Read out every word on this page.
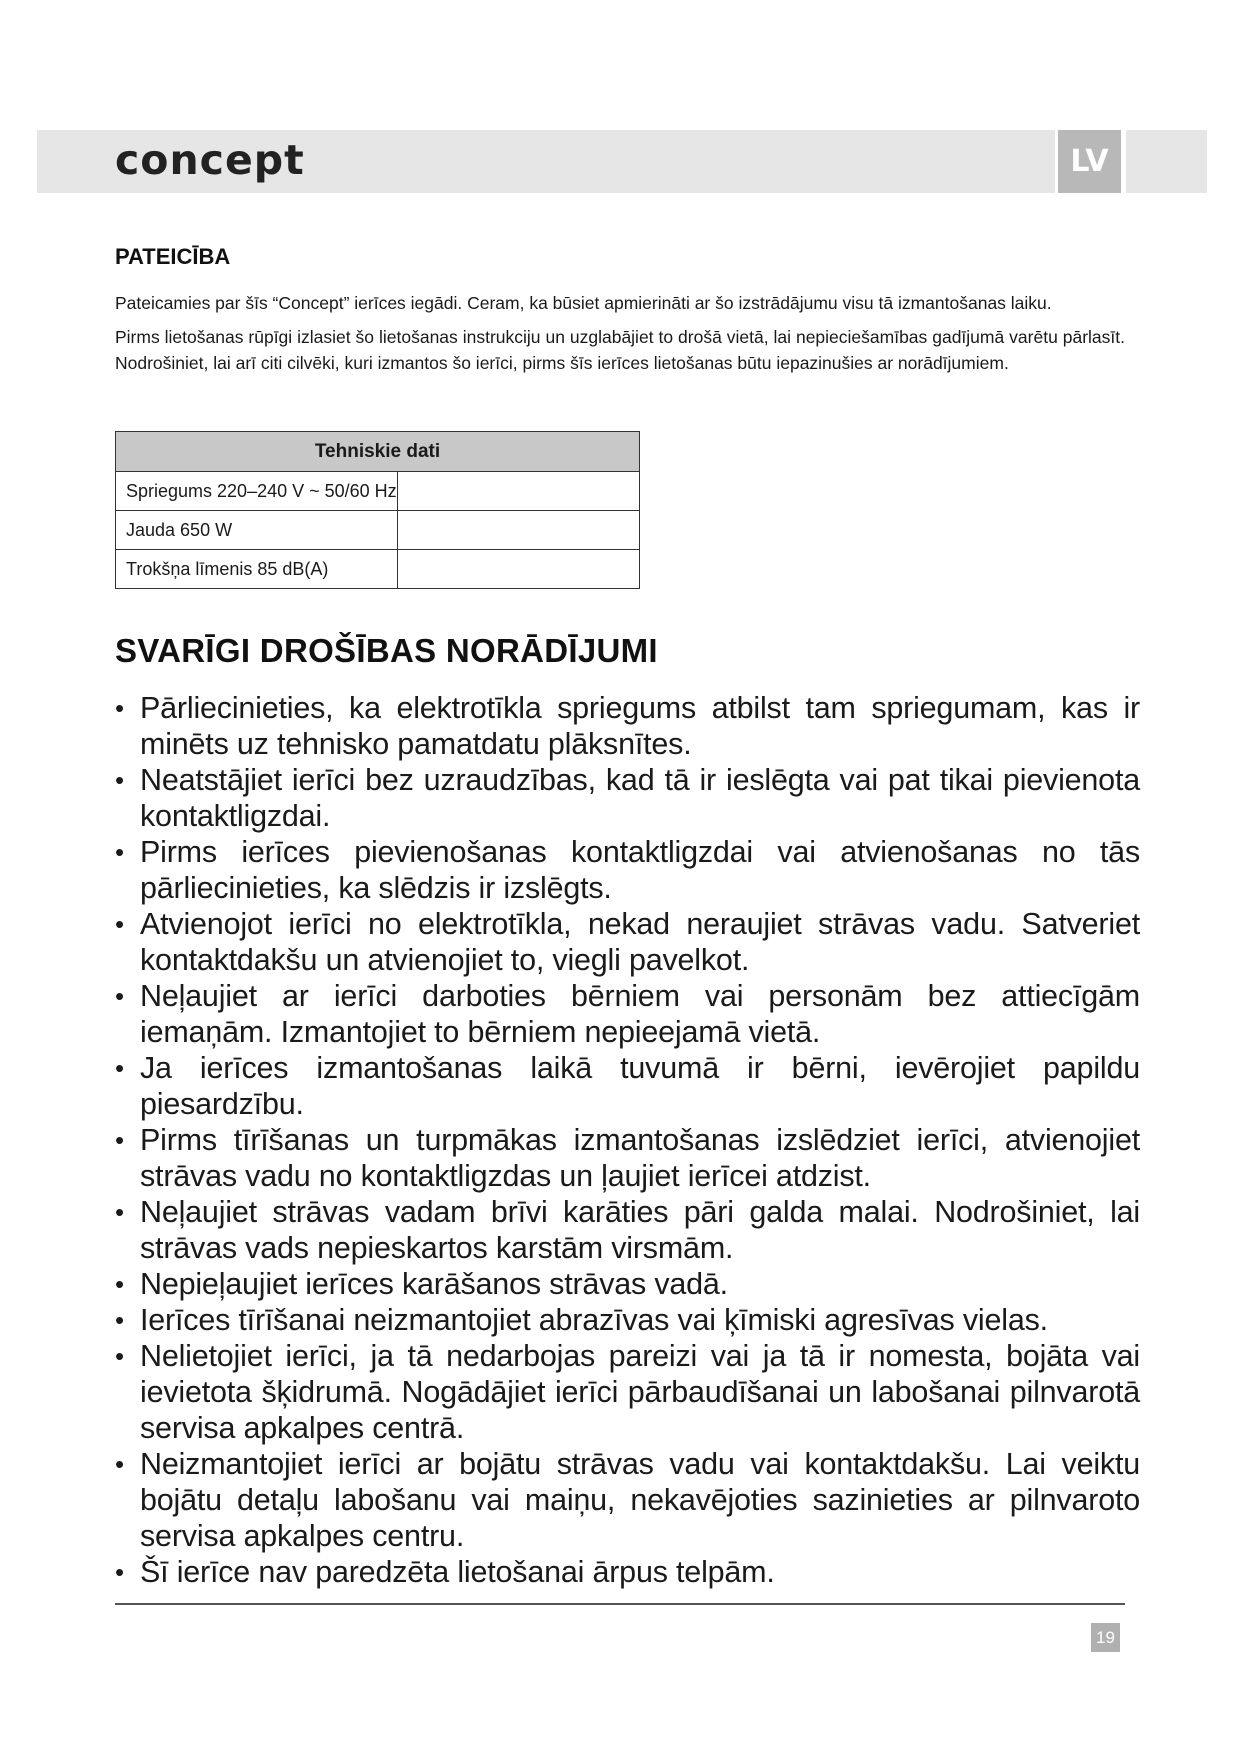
concept	LV
PATEICĪBA

Pateicamies par šīs “Concept” ierīces iegādi. Ceram, ka būsiet apmierināti ar šo izstrādājumu visu tā izmantošanas laiku.

Pirms lietošanas rūpīgi izlasiet šo lietošanas instrukciju un uzglabājiet to drošā vietā, lai nepieciešamības gadījumā varētu pārlasīt. Nodrošiniet, lai arī citi cilvēki, kuri izmantos šo ierīci, pirms šīs ierīces lietošanas būtu iepazinušies ar norādījumiem.

Tehniskie dati	
Spriegums 220–240 V ~ 50/60 Hz	
Jauda 650 W	
Trokšņa līmenis 85 dB(A)	
SVARĪGI DROŠĪBAS NORĀDĪJUMI
• Pārliecinieties, ka elektrotīkla spriegums atbilst tam spriegumam, kas ir minēts uz tehnisko pamatdatu plāksnītes.
• Neatstājiet ierīci bez uzraudzības, kad tā ir ieslēgta vai pat tikai pievienota kontaktligzdai.
• Pirms ierīces pievienošanas kontaktligzdai vai atvienošanas no tās pārliecinieties, ka slēdzis ir izslēgts.
• Atvienojot ierīci no elektrotīkla, nekad neraujiet strāvas vadu. Satveriet kontaktdakšu un atvienojiet to, viegli pavelkot.
• Neļaujiet ar ierīci darboties bērniem vai personām bez attiecīgām iemaņām. Izmantojiet to bērniem nepieejamā vietā.
• Ja ierīces izmantošanas laikā tuvumā ir bērni, ievērojiet papildu piesardzību.
• Pirms tīrīšanas un turpmākas izmantošanas izslēdziet ierīci, atvienojiet strāvas vadu no kontaktligzdas un ļaujiet ierīcei atdzist.
• Neļaujiet strāvas vadam brīvi karāties pāri galda malai. Nodrošiniet, lai strāvas vads nepieskartos karstām virsmām.
• Nepieļaujiet ierīces karāšanos strāvas vadā.
• Ierīces tīrīšanai neizmantojiet abrazīvas vai ķīmiski agresīvas vielas.
• Nelietojiet ierīci, ja tā nedarbojas pareizi vai ja tā ir nomesta, bojāta vai ievietota šķidrumā. Nogādājiet ierīci pārbaudīšanai un labošanai pilnvarotā servisa apkalpes centrā.
• Neizmantojiet ierīci ar bojātu strāvas vadu vai kontaktdakšu. Lai veiktu bojātu detaļu labošanu vai maiņu, nekavējoties sazinieties ar pilnvaroto servisa apkalpes centru.
• Šī ierīce nav paredzēta lietošanai ārpus telpām.
19
